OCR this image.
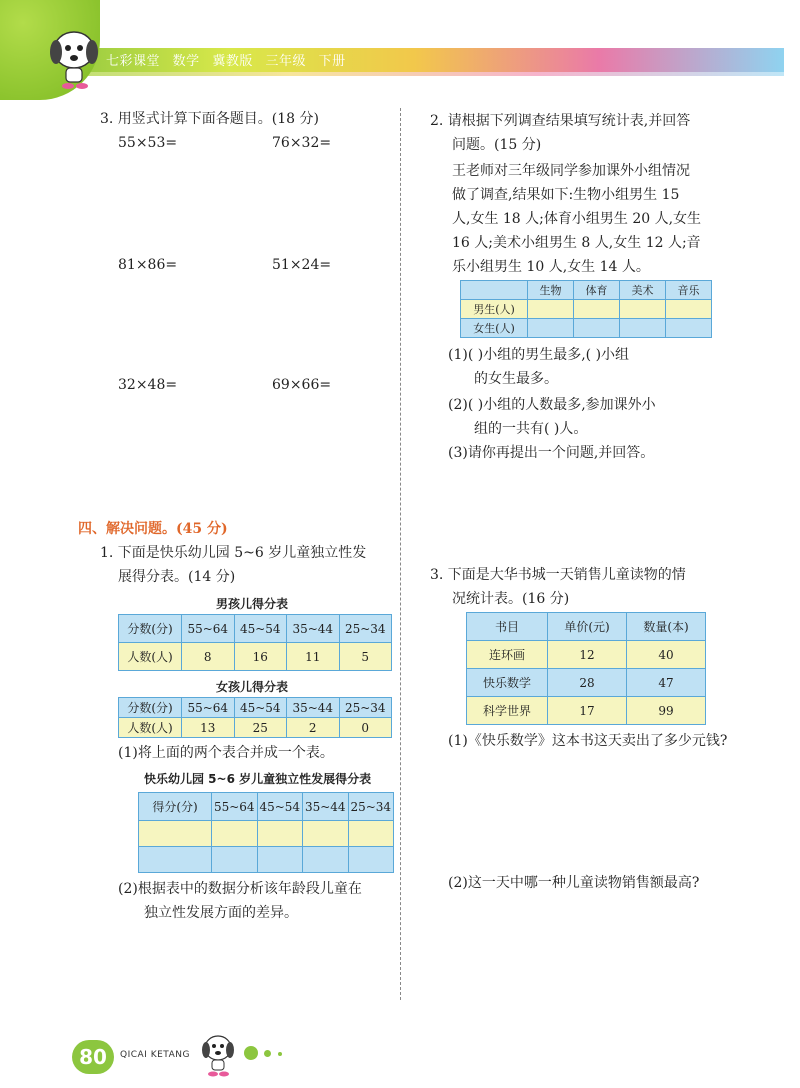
七彩课堂 数学 冀教版 三年级 下册
3. 用竖式计算下面各题目。(18 分)
55×53=	76×32=
81×86=	51×24=
32×48=	69×66=
四、解决问题。(45 分)
1. 下面是快乐幼儿园 5~6 岁儿童独立性发
展得分表。(14 分)
男孩儿得分表
分数(分)	55~64	45~54	35~44	25~34
人数(人)	8	16	11	5
女孩儿得分表
分数(分)	55~64	45~54	35~44	25~34
人数(人)	13	25	2	0
(1)将上面的两个表合并成一个表。
快乐幼儿园 5~6 岁儿童独立性发展得分表
得分(分)	55~64	45~54	35~44	25~34

(2)根据表中的数据分析该年龄段儿童在
独立性发展方面的差异。
2. 请根据下列调查结果填写统计表,并回答
问题。(15 分)
王老师对三年级同学参加课外小组情况
做了调查,结果如下:生物小组男生 15
人,女生 18 人;体育小组男生 20 人,女生
16 人;美术小组男生 8 人,女生 12 人;音
乐小组男生 10 人,女生 14 人。
	生物	体育	美术	音乐
男生(人)				
女生(人)				
(1)( )小组的男生最多,( )小组
的女生最多。
(2)( )小组的人数最多,参加课外小
组的一共有( )人。
(3)请你再提出一个问题,并回答。
3. 下面是大华书城一天销售儿童读物的情
况统计表。(16 分)
书目	单价(元)	数量(本)
连环画	12	40
快乐数学	28	47
科学世界	17	99
(1)《快乐数学》这本书这天卖出了多少元钱?
(2)这一天中哪一种儿童读物销售额最高?
80	QICAI KETANG
